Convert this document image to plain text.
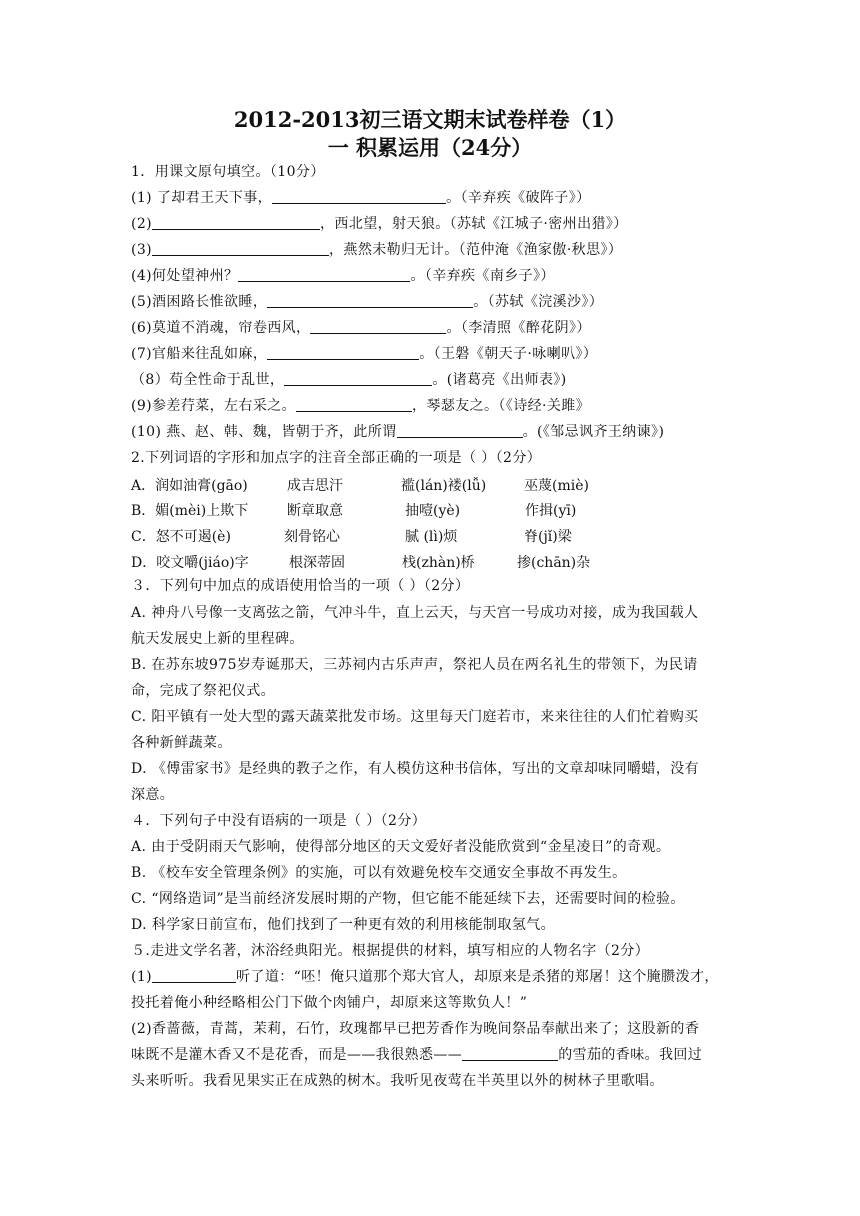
2012-2013初三语文期末试卷样卷（1）
一 积累运用（24分）
1．用课文原句填空。（10分）
(1) 了却君王天下事，	。（辛弃疾《破阵子》）
(2)	，西北望，射天狼。（苏轼《江城子·密州出猎》）
(3)	，燕然未勒归无计。（范仲淹《渔家傲·秋思》）
(4)何处望神州？	。（辛弃疾《南乡子》）
(5)酒困路长惟欲睡，	。（苏轼《浣溪沙》）
(6)莫道不消魂，帘卷西风，	。（李清照《醉花阴》）
(7)官船来往乱如麻，	。（王磐《朝天子·咏喇叭》）
（8）苟全性命于乱世，	。(诸葛亮《出师表》)
(9)参差荇菜，左右采之。	，琴瑟友之。（《诗经·关雎》
(10) 燕、赵、韩、魏，皆朝于齐，此所谓	。(《邹忌讽齐王纳谏》)
2.下列词语的字形和加点字的注音全部正确的一项是（ ）（2分）
A．润如油膏(gāo)	成吉思汗	褴(lán)褛(lǚ)	巫蔑(miè)
B．媚(mèi)上欺下	断章取意	抽噎(yè)	作揖(yī)
C．怒不可遏(è)	刻骨铭心	腻 (lì)烦	脊(jǐ)梁
D．咬文嚼(jiáo)字	根深蒂固	栈(zhàn)桥	掺(chān)杂
３．下列句中加点的成语使用恰当的一项（ ）（2分）
A. 神舟八号像一支离弦之箭，气冲斗牛，直上云天，与天宫一号成功对接，成为我国载人
航天发展史上新的里程碑。
B. 在苏东坡975岁寿诞那天，三苏祠内古乐声声，祭祀人员在两名礼生的带领下，为民请
命，完成了祭祀仪式。
C. 阳平镇有一处大型的露天蔬菜批发市场。这里每天门庭若市，来来往往的人们忙着购买
各种新鲜蔬菜。
D. 《傅雷家书》是经典的教子之作，有人模仿这种书信体，写出的文章却味同嚼蜡，没有
深意。
４．下列句子中没有语病的一项是（ ）（2分）
A. 由于受阴雨天气影响，使得部分地区的天文爱好者没能欣赏到“金星凌日”的奇观。
B. 《校车安全管理条例》的实施，可以有效避免校车交通安全事故不再发生。
C. “网络造词”是当前经济发展时期的产物，但它能不能延续下去，还需要时间的检验。
D. 科学家日前宣布，他们找到了一种更有效的利用核能制取氢气。
５.走进文学名著，沐浴经典阳光。根据提供的材料，填写相应的人物名字（2分）
(1)	听了道：“呸！俺只道那个郑大官人，却原来是杀猪的郑屠！这个腌臜泼才，
投托着俺小种经略相公门下做个肉铺户，却原来这等欺负人！”
(2)香蔷薇，青蒿，茉莉，石竹，玫瑰都早已把芳香作为晚间祭品奉献出来了；这股新的香
味既不是灌木香又不是花香，而是——我很熟悉——	的雪茄的香味。我回过
头来听听。我看见果实正在成熟的树木。我听见夜莺在半英里以外的树林子里歌唱。
